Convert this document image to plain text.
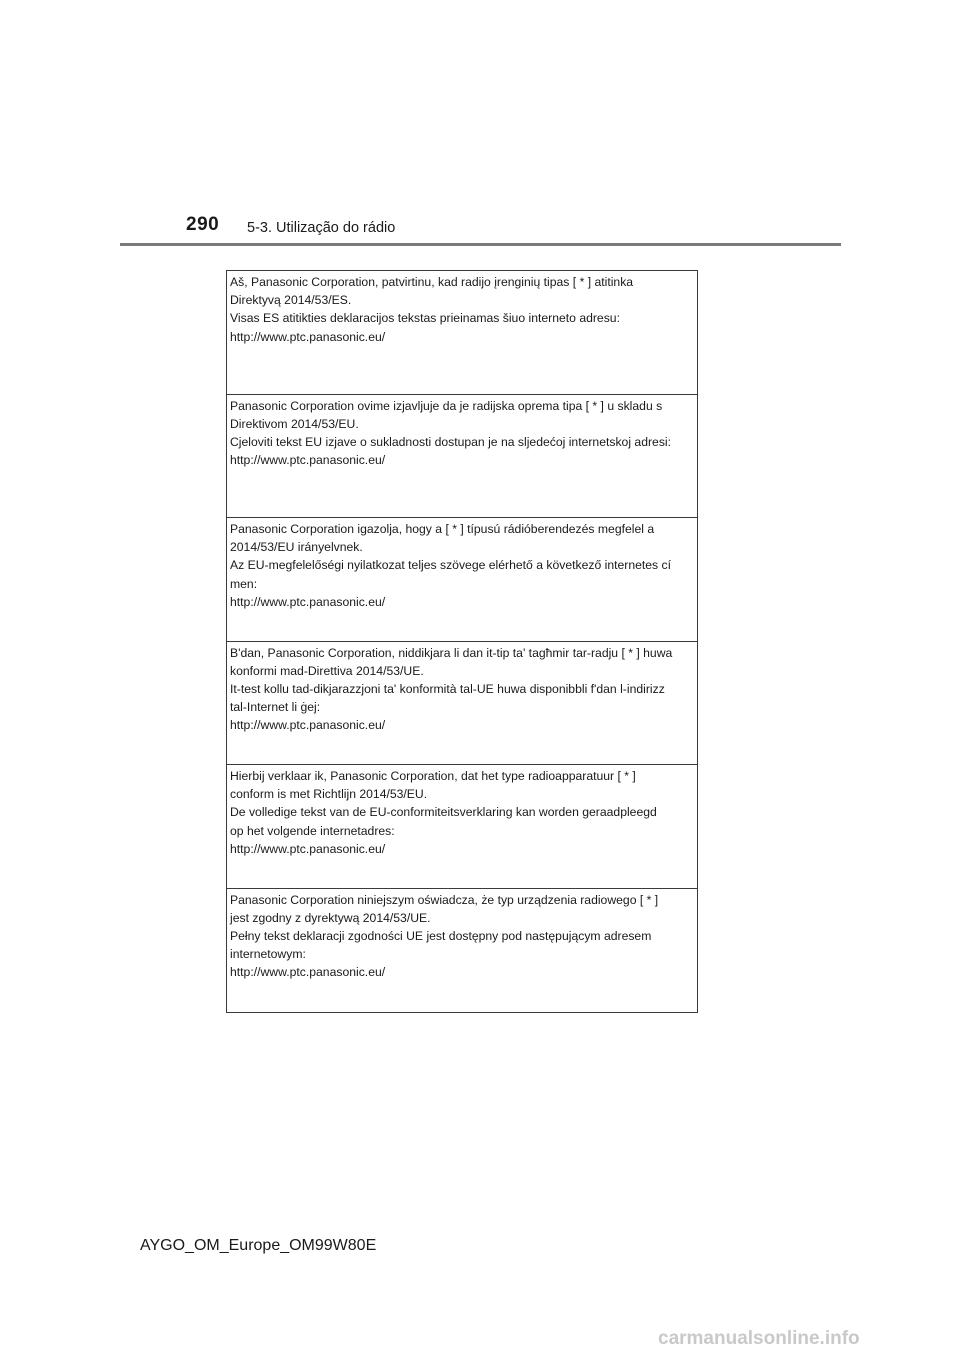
290 5-3. Utilização do rádio
Aš, Panasonic Corporation, patvirtinu, kad radijo įrenginių tipas [ * ] atitinka
Direktyvą 2014/53/ES.
Visas ES atitikties deklaracijos tekstas prieinamas šiuo interneto adresu:
http://www.ptc.panasonic.eu/
Panasonic Corporation ovime izjavljuje da je radijska oprema tipa [ * ] u skladu s
Direktivom 2014/53/EU.
Cjeloviti tekst EU izjave o sukladnosti dostupan je na sljedećoj internetskoj adresi:
http://www.ptc.panasonic.eu/
Panasonic Corporation igazolja, hogy a [ * ] típusú rádióberendezés megfelel a
2014/53/EU irányelvnek.
Az EU-megfelelőségi nyilatkozat teljes szövege elérhető a következő internetes cí
men:
http://www.ptc.panasonic.eu/
B'dan, Panasonic Corporation, niddikjara li dan it-tip ta' tagħmir tar-radju [ * ] huwa
konformi mad-Direttiva 2014/53/UE.
It-test kollu tad-dikjarazzjoni ta' konformità tal-UE huwa disponibbli f'dan l-indirizz
tal-Internet li ġej:
http://www.ptc.panasonic.eu/
Hierbij verklaar ik, Panasonic Corporation, dat het type radioapparatuur [ * ]
conform is met Richtlijn 2014/53/EU.
De volledige tekst van de EU-conformiteitsverklaring kan worden geraadpleegd
op het volgende internetadres:
http://www.ptc.panasonic.eu/
Panasonic Corporation niniejszym oświadcza, że typ urządzenia radiowego [ * ]
jest zgodny z dyrektywą 2014/53/UE.
Pełny tekst deklaracji zgodności UE jest dostępny pod następującym adresem
internetowym:
http://www.ptc.panasonic.eu/
AYGO_OM_Europe_OM99W80E
carmanualsonline.info
